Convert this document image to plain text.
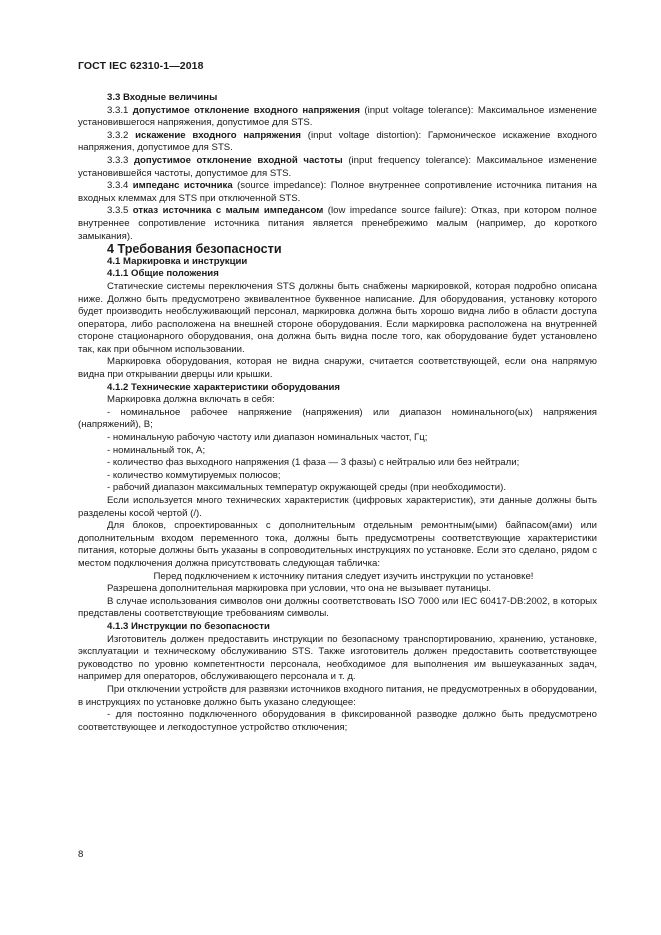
ГОСТ IEC 62310-1—2018

3.3 Входные величины

3.3.1 допустимое отклонение входного напряжения (input voltage tolerance): Максимальное изменение установившегося напряжения, допустимое для STS.

3.3.2 искажение входного напряжения (input voltage distortion): Гармоническое искажение входного напряжения, допустимое для STS.

3.3.3 допустимое отклонение входной частоты (input frequency tolerance): Максимальное изменение установившейся частоты, допустимое для STS.

3.3.4 импеданс источника (source impedance): Полное внутреннее сопротивление источника питания на входных клеммах для STS при отключенной STS.

3.3.5 отказ источника с малым импедансом (low impedance source failure): Отказ, при котором полное внутреннее сопротивление источника питания является пренебрежимо малым (например, до короткого замыкания).

4 Требования безопасности

4.1 Маркировка и инструкции

4.1.1 Общие положения

Статические системы переключения STS должны быть снабжены маркировкой, которая подробно описана ниже. Должно быть предусмотрено эквивалентное буквенное написание. Для оборудования, установку которого будет производить необслуживающий персонал, маркировка должна быть хорошо видна либо в области доступа оператора, либо расположена на внешней стороне оборудования. Если маркировка расположена на внутренней стороне стационарного оборудования, она должна быть видна после того, как оборудование будет установлено так, как при обычном использовании.

Маркировка оборудования, которая не видна снаружи, считается соответствующей, если она напрямую видна при открывании дверцы или крышки.

4.1.2 Технические характеристики оборудования

Маркировка должна включать в себя:

- номинальное рабочее напряжение (напряжения) или диапазон номинального(ых) напряжения (напряжений), В;

- номинальную рабочую частоту или диапазон номинальных частот, Гц;

- номинальный ток, А;

- количество фаз выходного напряжения (1 фаза — 3 фазы) с нейтралью или без нейтрали;

- количество коммутируемых полюсов;

- рабочий диапазон максимальных температур окружающей среды (при необходимости).

Если используется много технических характеристик (цифровых характеристик), эти данные должны быть разделены косой чертой (/).

Для блоков, спроектированных с дополнительным отдельным ремонтным(ыми) байпасом(ами) или дополнительным входом переменного тока, должны быть предусмотрены соответствующие характеристики питания, которые должны быть указаны в сопроводительных инструкциях по установке. Если это сделано, рядом с местом подключения должна присутствовать следующая табличка:

Перед подключением к источнику питания следует изучить инструкции по установке!

Разрешена дополнительная маркировка при условии, что она не вызывает путаницы.

В случае использования символов они должны соответствовать ISO 7000 или IEC 60417-DB:2002, в которых представлены соответствующие требованиям символы.

4.1.3 Инструкции по безопасности

Изготовитель должен предоставить инструкции по безопасному транспортированию, хранению, установке, эксплуатации и техническому обслуживанию STS. Также изготовитель должен предоставить соответствующее руководство по уровню компетентности персонала, необходимое для выполнения им вышеуказанных задач, например для операторов, обслуживающего персонала и т. д.

При отключении устройств для развязки источников входного питания, не предусмотренных в оборудовании, в инструкциях по установке должно быть указано следующее:

- для постоянно подключенного оборудования в фиксированной разводке должно быть предусмотрено соответствующее и легкодоступное устройство отключения;

8
